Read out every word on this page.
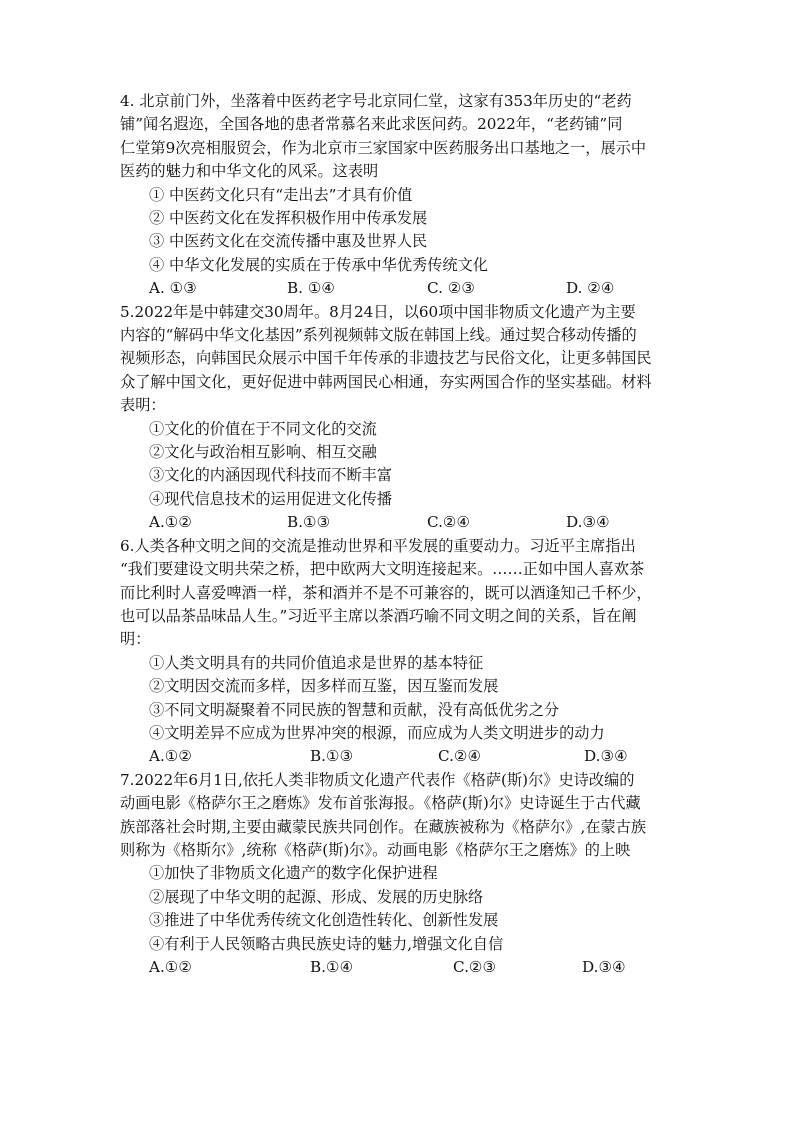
4. 北京前门外，坐落着中医药老字号北京同仁堂，这家有353年历史的“老药
铺”闻名遐迩，全国各地的患者常慕名来此求医问药。2022年，“老药铺”同
仁堂第9次亮相服贸会，作为北京市三家国家中医药服务出口基地之一，展示中
医药的魅力和中华文化的风采。这表明
① 中医药文化只有“走出去”才具有价值
② 中医药文化在发挥积极作用中传承发展
③ 中医药文化在交流传播中惠及世界人民
④ 中华文化发展的实质在于传承中华优秀传统文化
A. ①③	B. ①④	C. ②③	D. ②④
5.2022年是中韩建交30周年。8月24日，以60项中国非物质文化遗产为主要
内容的“解码中华文化基因”系列视频韩文版在韩国上线。通过契合移动传播的
视频形态，向韩国民众展示中国千年传承的非遗技艺与民俗文化，让更多韩国民
众了解中国文化，更好促进中韩两国民心相通，夯实两国合作的坚实基础。材料
表明：
①文化的价值在于不同文化的交流
②文化与政治相互影响、相互交融
③文化的内涵因现代科技而不断丰富
④现代信息技术的运用促进文化传播
A.①②	B.①③	C.②④	D.③④
6.人类各种文明之间的交流是推动世界和平发展的重要动力。习近平主席指出
“我们要建设文明共荣之桥，把中欧两大文明连接起来。……正如中国人喜欢茶
而比利时人喜爱啤酒一样，茶和酒并不是不可兼容的，既可以酒逢知己千杯少，
也可以品茶品味品人生。”习近平主席以茶酒巧喻不同文明之间的关系，旨在阐
明：
①人类文明具有的共同价值追求是世界的基本特征
②文明因交流而多样，因多样而互鉴，因互鉴而发展
③不同文明凝聚着不同民族的智慧和贡献，没有高低优劣之分
④文明差异不应成为世界冲突的根源，而应成为人类文明进步的动力
A.①②	B.①③	C.②④	D.③④
7.2022年6月1日,依托人类非物质文化遗产代表作《格萨(斯)尔》史诗改编的
动画电影《格萨尔王之磨炼》发布首张海报。《格萨(斯)尔》史诗诞生于古代藏
族部落社会时期,主要由藏蒙民族共同创作。在藏族被称为《格萨尔》,在蒙古族
则称为《格斯尔》,统称《格萨(斯)尔》。动画电影《格萨尔王之磨炼》的上映
①加快了非物质文化遗产的数字化保护进程
②展现了中华文明的起源、形成、发展的历史脉络
③推进了中华优秀传统文化创造性转化、创新性发展
④有利于人民领略古典民族史诗的魅力,增强文化自信
A.①②	B.①④	C.②③	D.③④
